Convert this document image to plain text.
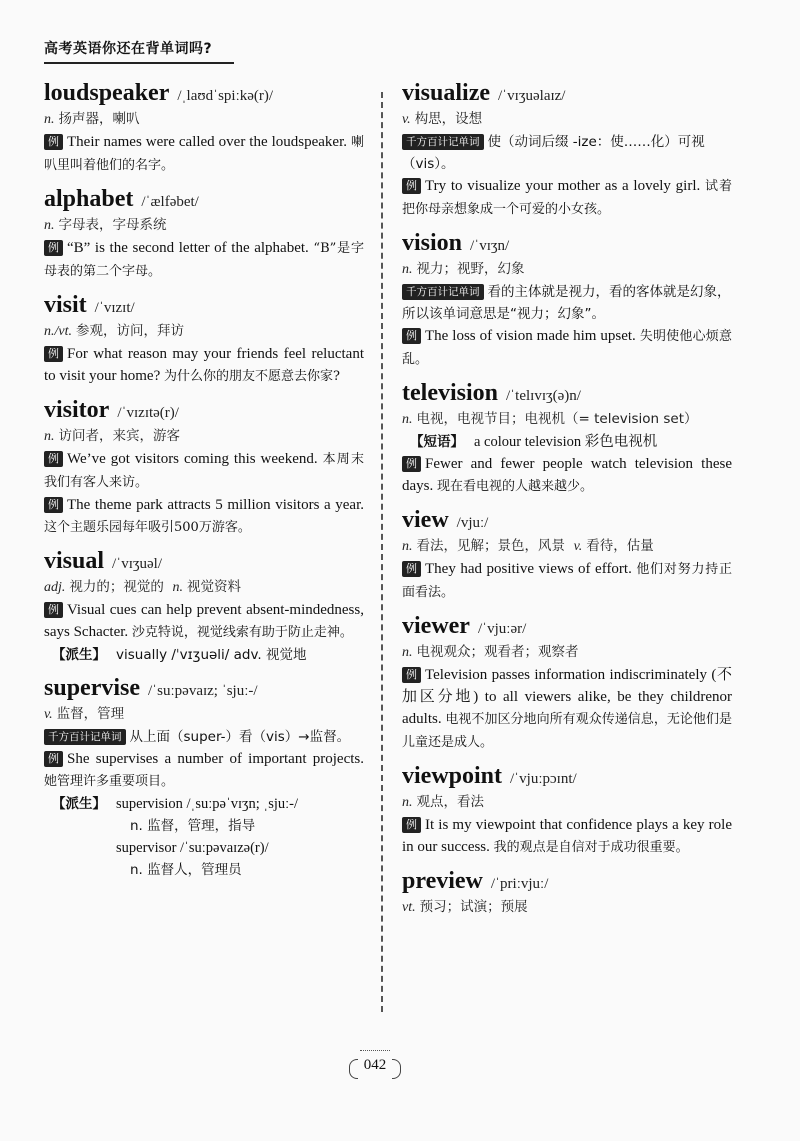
高考英语你还在背单词吗?
loudspeaker /ˌlaʊdˈspiːkə(r)/
n. 扬声器，喇叭
例 Their names were called over the loudspeaker. 喇叭里叫着他们的名字。
alphabet /ˈælfəbet/
n. 字母表，字母系统
例 “B” is the second letter of the alphabet. “B”是字母表的第二个字母。
visit /ˈvɪzɪt/
n./vt. 参观，访问，拜访
例 For what reason may your friends feel reluctant to visit your home? 为什么你的朋友不愿意去你家?
visitor /ˈvɪzɪtə(r)/
n. 访问者，来宾，游客
例 We’ve got visitors coming this weekend. 本周末我们有客人来访。
例 The theme park attracts 5 million visitors a year. 这个主题乐园每年吸引500万游客。
visual /ˈvɪʒuəl/
adj. 视力的；视觉的 n. 视觉资料
例 Visual cues can help prevent absent-mindedness, says Schacter. 沙克特说，视觉线索有助于防止走神。
【派生】 visually /ˈvɪʒuəli/ adv. 视觉地
supervise /ˈsuːpəvaɪz; ˈsjuː-/
v. 监督，管理
千方百计记单词 从上面（super-）看（vis）→监督。
例 She supervises a number of important projects. 她管理许多重要项目。
【派生】 supervision /ˌsuːpəˈvɪʒn; ˌsjuː-/
n. 监督，管理，指导
supervisor /ˈsuːpəvaɪzə(r)/
n. 监督人，管理员
visualize /ˈvɪʒuəlaɪz/
v. 构思，设想
千方百计记单词 使（动词后缀 -ize：使……化）可视（vis）。
例 Try to visualize your mother as a lovely girl. 试着把你母亲想象成一个可爱的小女孩。
vision /ˈvɪʒn/
n. 视力；视野，幻象
千方百计记单词 看的主体就是视力，看的客体就是幻象，所以该单词意思是“视力；幻象”。
例 The loss of vision made him upset. 失明使他心烦意乱。
television /ˈtelɪvɪʒ(ə)n/
n. 电视，电视节目；电视机（= television set）
【短语】 a colour television 彩色电视机
例 Fewer and fewer people watch television these days. 现在看电视的人越来越少。
view /vjuː/
n. 看法，见解；景色，风景 v. 看待，估量
例 They had positive views of effort. 他们对努力持正面看法。
viewer /ˈvjuːər/
n. 电视观众；观看者；观察者
例 Television passes information indiscriminately (不加区分地) to all viewers alike, be they childrenor adults. 电视不加区分地向所有观众传递信息，无论他们是儿童还是成人。
viewpoint /ˈvjuːpɔɪnt/
n. 观点，看法
例 It is my viewpoint that confidence plays a key role in our success. 我的观点是自信对于成功很重要。
preview /ˈpriːvjuː/
vt. 预习；试演；预展
042
